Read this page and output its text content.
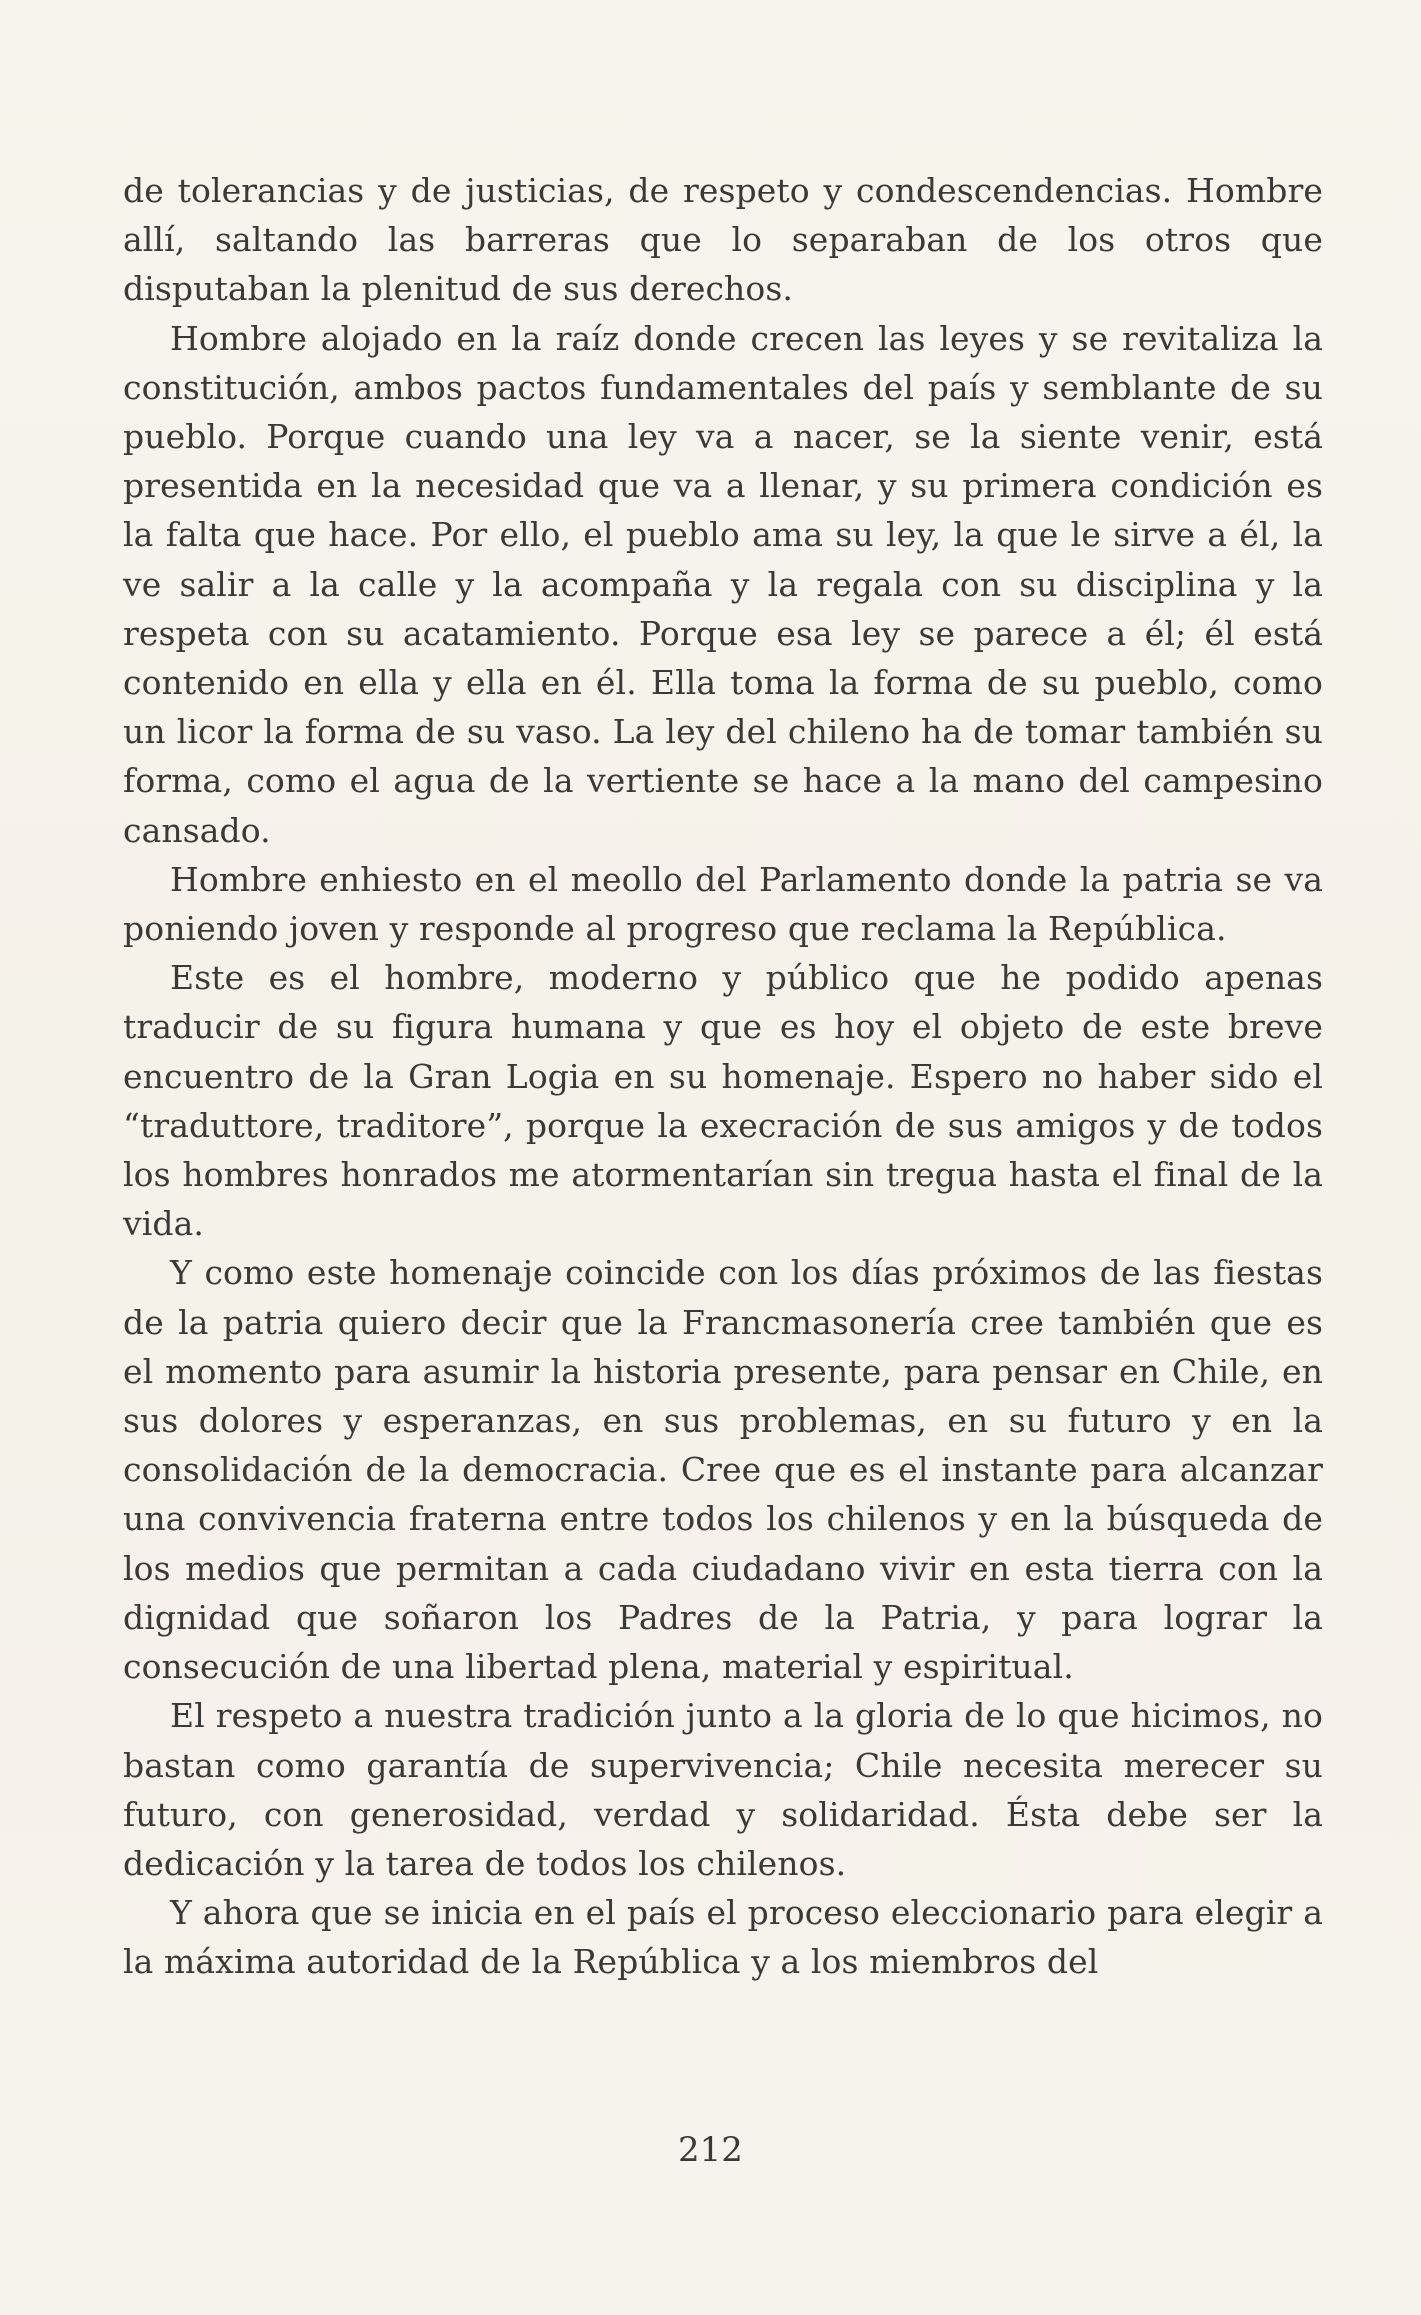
de tolerancias y de justicias, de respeto y condescendencias. Hombre allí, saltando las barreras que lo separaban de los otros que disputaban la plenitud de sus derechos.

Hombre alojado en la raíz donde crecen las leyes y se revitaliza la constitución, ambos pactos fundamentales del país y semblante de su pueblo. Porque cuando una ley va a nacer, se la siente venir, está presentida en la necesidad que va a llenar, y su primera condición es la falta que hace. Por ello, el pueblo ama su ley, la que le sirve a él, la ve salir a la calle y la acompaña y la regala con su disciplina y la respeta con su acatamiento. Porque esa ley se parece a él; él está contenido en ella y ella en él. Ella toma la forma de su pueblo, como un licor la forma de su vaso. La ley del chileno ha de tomar también su forma, como el agua de la vertiente se hace a la mano del campesino cansado.

Hombre enhiesto en el meollo del Parlamento donde la patria se va poniendo joven y responde al progreso que reclama la República.

Este es el hombre, moderno y público que he podido apenas traducir de su figura humana y que es hoy el objeto de este breve encuentro de la Gran Logia en su homenaje. Espero no haber sido el “traduttore, traditore”, porque la execración de sus amigos y de todos los hombres honrados me atormentarían sin tregua hasta el final de la vida.

Y como este homenaje coincide con los días próximos de las fiestas de la patria quiero decir que la Francmasonería cree también que es el momento para asumir la historia presente, para pensar en Chile, en sus dolores y esperanzas, en sus problemas, en su futuro y en la consolidación de la democracia. Cree que es el instante para alcanzar una convivencia fraterna entre todos los chilenos y en la búsqueda de los medios que permitan a cada ciudadano vivir en esta tierra con la dignidad que soñaron los Padres de la Patria, y para lograr la consecución de una libertad plena, material y espiritual.

El respeto a nuestra tradición junto a la gloria de lo que hicimos, no bastan como garantía de supervivencia; Chile necesita merecer su futuro, con generosidad, verdad y solidaridad. Ésta debe ser la dedicación y la tarea de todos los chilenos.

Y ahora que se inicia en el país el proceso eleccionario para elegir a la máxima autoridad de la República y a los miembros del

212
